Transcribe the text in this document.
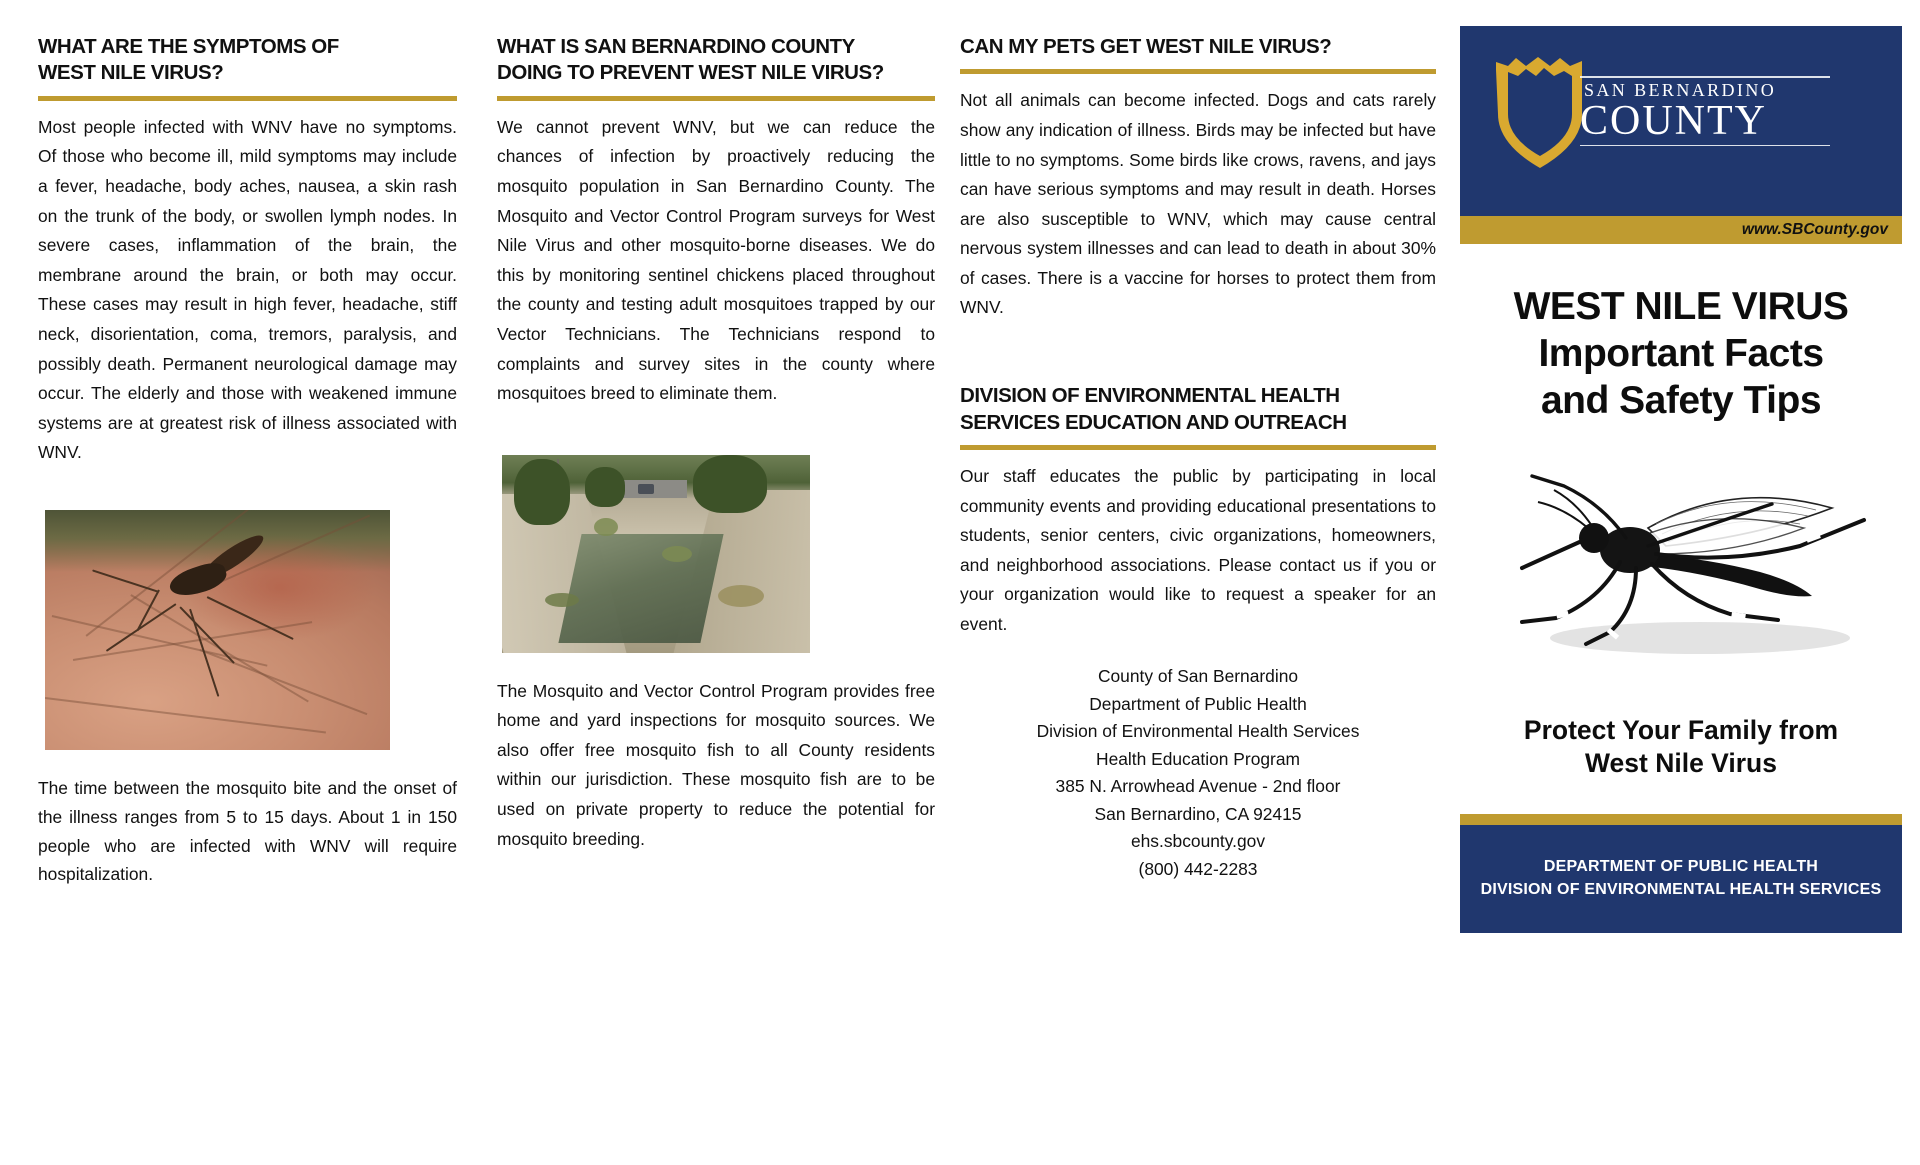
WHAT ARE THE SYMPTOMS OF
WEST NILE VIRUS?

Most people infected with WNV have no symptoms. Of those who become ill, mild symptoms may include a fever, headache, body aches, nausea, a skin rash on the trunk of the body, or swollen lymph nodes. In severe cases, inflammation of the brain, the membrane around the brain, or both may occur. These cases may result in high fever, headache, stiff neck, disorientation, coma, tremors, paralysis, and possibly death. Permanent neurological damage may occur. The elderly and those with weakened immune systems are at greatest risk of illness associated with WNV.

The time between the mosquito bite and the onset of the illness ranges from 5 to 15 days. About 1 in 150 people who are infected with WNV will require hospitalization.

WHAT IS SAN BERNARDINO COUNTY
DOING TO PREVENT WEST NILE VIRUS?

We cannot prevent WNV, but we can reduce the chances of infection by proactively reducing the mosquito population in San Bernardino County. The Mosquito and Vector Control Program surveys for West Nile Virus and other mosquito-borne diseases. We do this by monitoring sentinel chickens placed throughout the county and testing adult mosquitoes trapped by our Vector Technicians. The Technicians respond to complaints and survey sites in the county where mosquitoes breed to eliminate them.

The Mosquito and Vector Control Program provides free home and yard inspections for mosquito sources. We also offer free mosquito fish to all County residents within our jurisdiction. These mosquito fish are to be used on private property to reduce the potential for mosquito breeding.

CAN MY PETS GET WEST NILE VIRUS?

Not all animals can become infected. Dogs and cats rarely show any indication of illness. Birds may be infected but have little to no symptoms. Some birds like crows, ravens, and jays can have serious symptoms and may result in death. Horses are also susceptible to WNV, which may cause central nervous system illnesses and can lead to death in about 30% of cases. There is a vaccine for horses to protect them from WNV.

DIVISION OF ENVIRONMENTAL HEALTH
SERVICES EDUCATION AND OUTREACH

Our staff educates the public by participating in local community events and providing educational presentations to students, senior centers, civic organizations, homeowners, and neighborhood associations. Please contact us if you or your organization would like to request a speaker for an event.

County of San Bernardino
Department of Public Health
Division of Environmental Health Services
Health Education Program
385 N. Arrowhead Avenue - 2nd floor
San Bernardino, CA 92415
ehs.sbcounty.gov
(800) 442-2283
SAN BERNARDINO
COUNTY
www.SBCounty.gov
WEST NILE VIRUS
Important Facts
and Safety Tips
Protect Your Family from
West Nile Virus
DEPARTMENT OF PUBLIC HEALTH
DIVISION OF ENVIRONMENTAL HEALTH SERVICES
